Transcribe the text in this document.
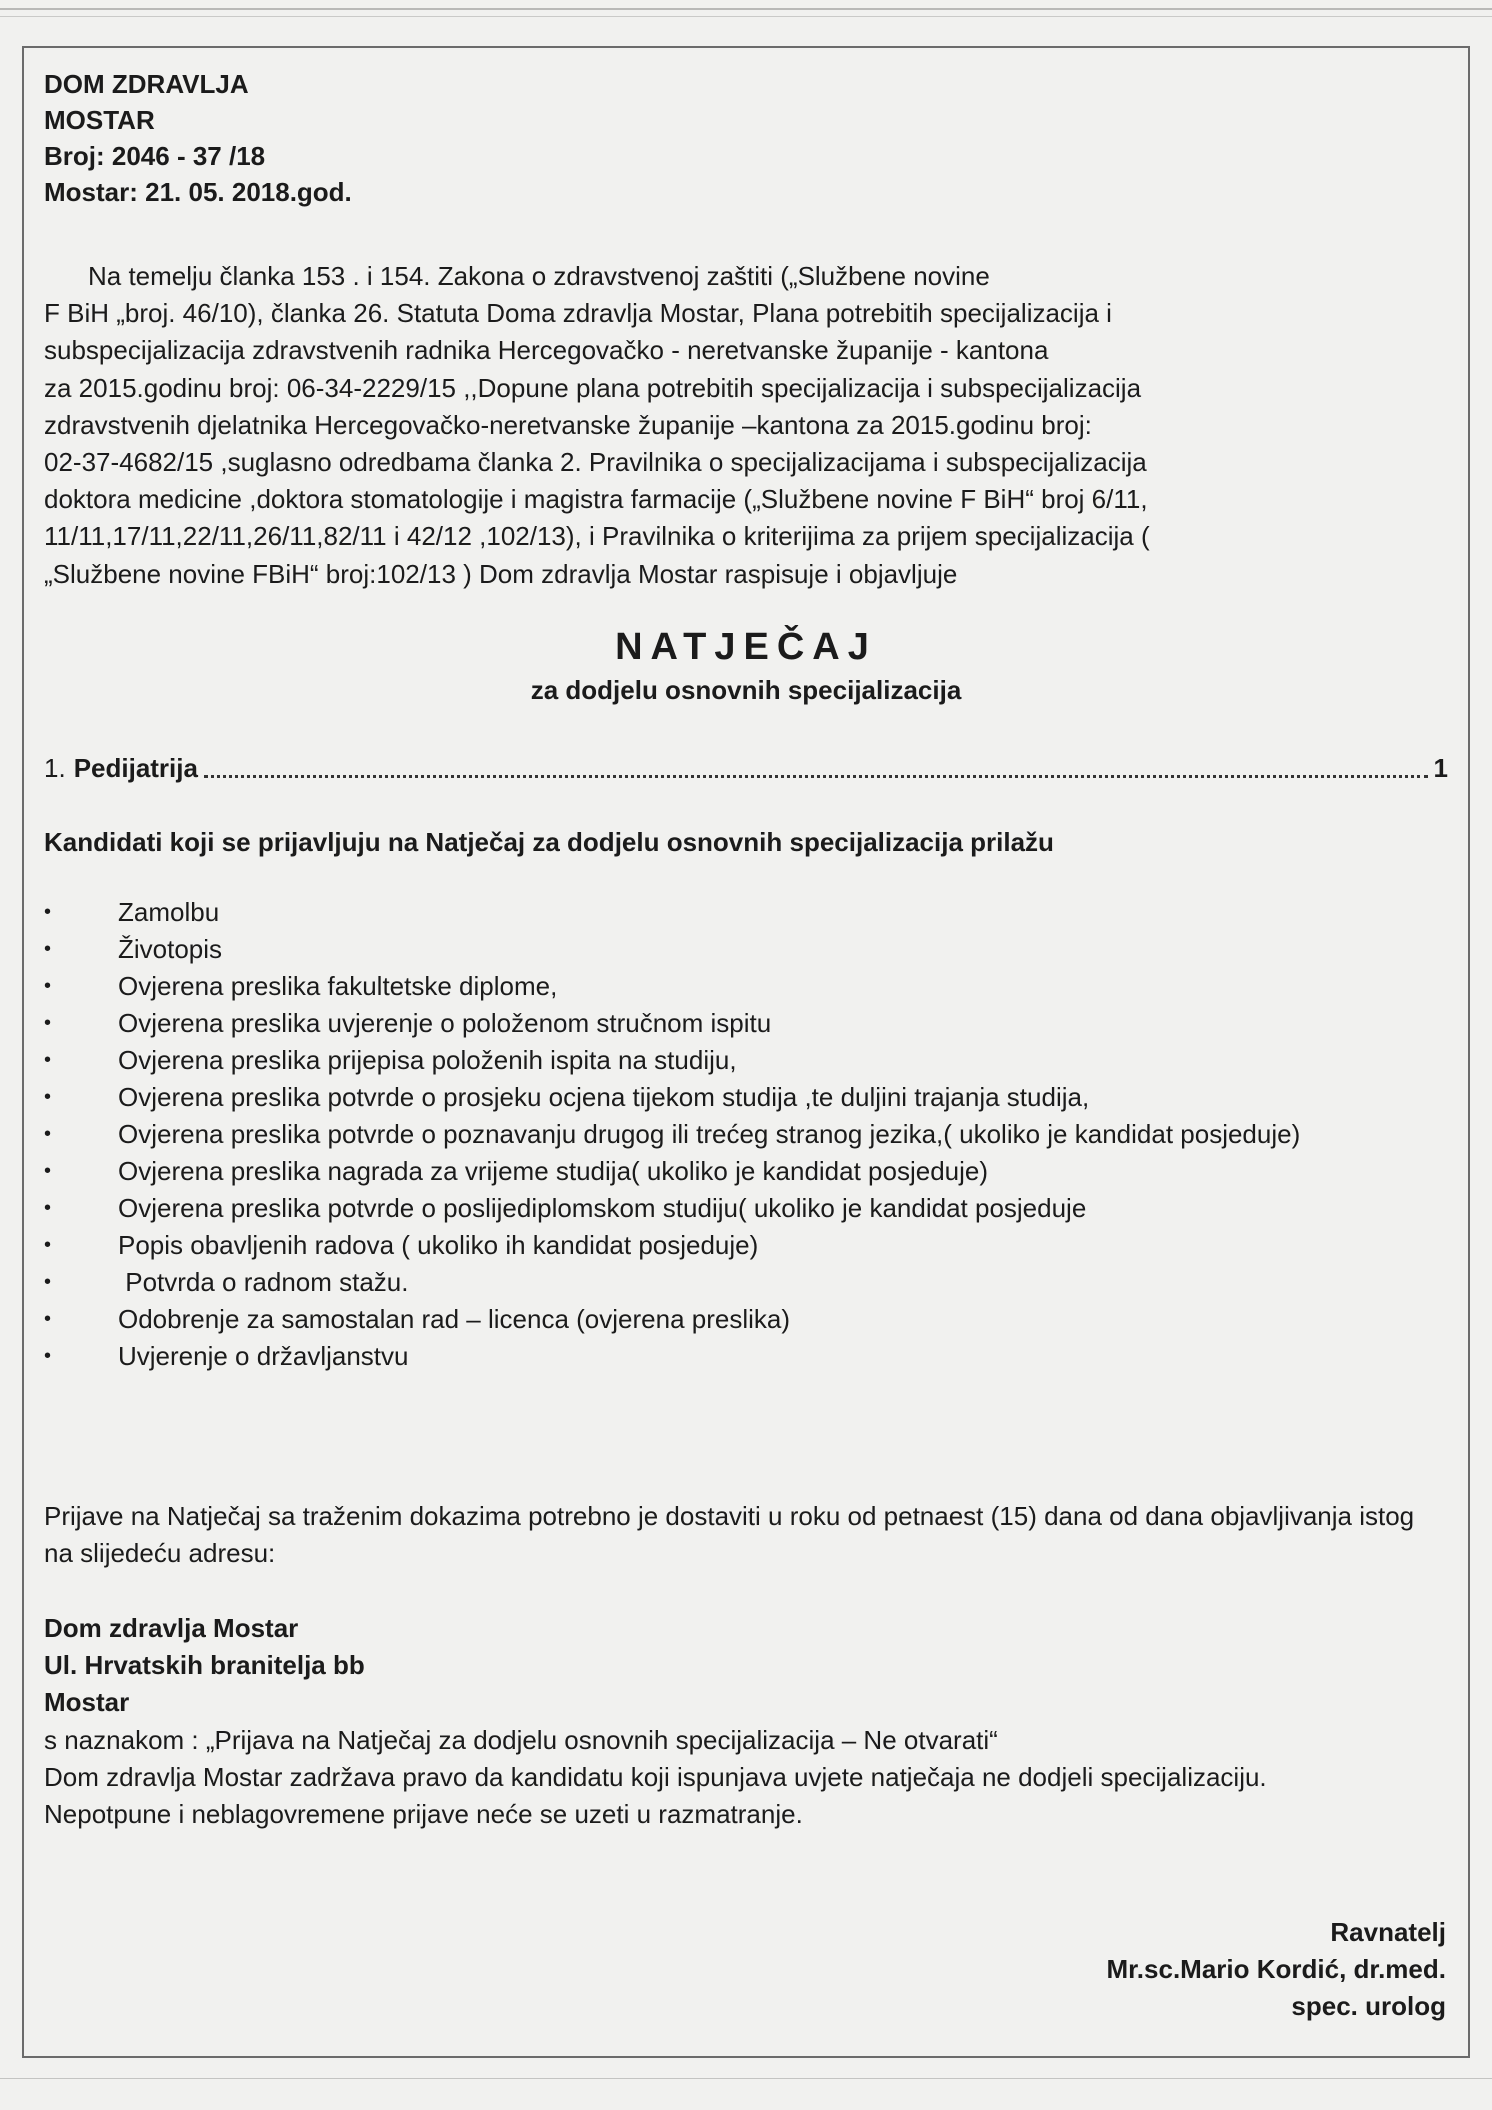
DOM ZDRAVLJA
MOSTAR
Broj: 2046 - 37 /18
Mostar: 21. 05. 2018.god.
Na temelju članka 153 . i 154. Zakona o zdravstvenoj zaštiti („Službene novine
F BiH „broj. 46/10), članka 26. Statuta Doma zdravlja Mostar, Plana potrebitih specijalizacija i
subspecijalizacija zdravstvenih radnika Hercegovačko - neretvanske županije - kantona
za 2015.godinu broj: 06-34-2229/15 ,,Dopune plana potrebitih specijalizacija i subspecijalizacija
zdravstvenih djelatnika Hercegovačko-neretvanske županije –kantona za 2015.godinu broj:
02-37-4682/15 ,suglasno odredbama članka 2. Pravilnika o specijalizacijama i subspecijalizacija
doktora medicine ,doktora stomatologije i magistra farmacije („Službene novine F BiH“ broj 6/11,
11/11,17/11,22/11,26/11,82/11 i 42/12 ,102/13), i Pravilnika o kriterijima za prijem specijalizacija (
„Službene novine FBiH“ broj:102/13 ) Dom zdravlja Mostar raspisuje i objavljuje
NATJEČAJ
za dodjelu osnovnih specijalizacija
1. Pedijatrija	1
Kandidati koji se prijavljuju na Natječaj za dodjelu osnovnih specijalizacija prilažu
•	Zamolbu
•	Životopis
•	Ovjerena preslika fakultetske diplome,
•	Ovjerena preslika uvjerenje o položenom stručnom ispitu
•	Ovjerena preslika prijepisa položenih ispita na studiju,
•	Ovjerena preslika potvrde o prosjeku ocjena tijekom studija ,te duljini trajanja studija,
•	Ovjerena preslika potvrde o poznavanju drugog ili trećeg stranog jezika,( ukoliko je kandidat posjeduje)
•	Ovjerena preslika nagrada za vrijeme studija( ukoliko je kandidat posjeduje)
•	Ovjerena preslika potvrde o poslijediplomskom studiju( ukoliko je kandidat posjeduje
•	Popis obavljenih radova ( ukoliko ih kandidat posjeduje)
•	Potvrda o radnom stažu.
•	Odobrenje za samostalan rad – licenca (ovjerena preslika)
•	Uvjerenje o državljanstvu
Prijave na Natječaj sa traženim dokazima potrebno je dostaviti u roku od petnaest (15) dana od dana objavljivanja istog na slijedeću adresu:
Dom zdravlja Mostar
Ul. Hrvatskih branitelja bb
Mostar
s naznakom : „Prijava na Natječaj za dodjelu osnovnih specijalizacija – Ne otvarati“
Dom zdravlja Mostar zadržava pravo da kandidatu koji ispunjava uvjete natječaja ne dodjeli specijalizaciju.
Nepotpune i neblagovremene prijave neće se uzeti u razmatranje.
Ravnatelj
Mr.sc.Mario Kordić, dr.med.
spec. urolog
